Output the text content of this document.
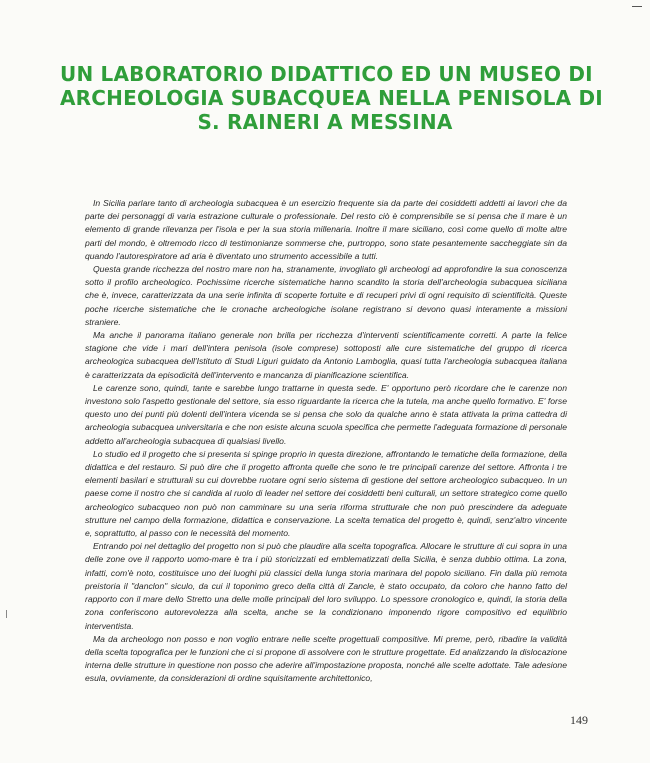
UN LABORATORIO DIDATTICO ED UN MUSEO DI
ARCHEOLOGIA SUBACQUEA NELLA PENISOLA DI
S. RAINERI A MESSINA

In Sicilia parlare tanto di archeologia subacquea è un esercizio frequente sia da parte dei cosiddetti addetti ai lavori che da parte dei personaggi di varia estrazione culturale o professionale. Del resto ciò è comprensibile se si pensa che il mare è un elemento di grande rilevanza per l'isola e per la sua storia millenaria. Inoltre il mare siciliano, così come quello di molte altre parti del mondo, è oltremodo ricco di testimonianze sommerse che, purtroppo, sono state pesantemente saccheggiate sin da quando l'autorespiratore ad aria è diventato uno strumento accessibile a tutti.

Questa grande ricchezza del nostro mare non ha, stranamente, invogliato gli archeologi ad approfondire la sua conoscenza sotto il profilo archeologico. Pochissime ricerche sistematiche hanno scandito la storia dell'archeologia subacquea siciliana che è, invece, caratterizzata da una serie infinita di scoperte fortuite e di recuperi privi di ogni requisito di scientificità. Queste poche ricerche sistematiche che le cronache archeologiche isolane registrano si devono quasi interamente a missioni straniere.

Ma anche il panorama italiano generale non brilla per ricchezza d'interventi scientificamente corretti. A parte la felice stagione che vide i mari dell'intera penisola (isole comprese) sottoposti alle cure sistematiche del gruppo di ricerca archeologica subacquea dell'Istituto di Studi Liguri guidato da Antonio Lamboglia, quasi tutta l'archeologia subacquea italiana è caratterizzata da episodicità dell'intervento e mancanza di pianificazione scientifica.

Le carenze sono, quindi, tante e sarebbe lungo trattarne in questa sede. E' opportuno però ricordare che le carenze non investono solo l'aspetto gestionale del settore, sia esso riguardante la ricerca che la tutela, ma anche quello formativo. E' forse questo uno dei punti più dolenti dell'intera vicenda se si pensa che solo da qualche anno è stata attivata la prima cattedra di archeologia subacquea universitaria e che non esiste alcuna scuola specifica che permette l'adeguata formazione di personale addetto all'archeologia subacquea di qualsiasi livello.

Lo studio ed il progetto che si presenta si spinge proprio in questa direzione, affrontando le tematiche della formazione, della didattica e del restauro. Si può dire che il progetto affronta quelle che sono le tre principali carenze del settore. Affronta i tre elementi basilari e strutturali su cui dovrebbe ruotare ogni serio sistema di gestione del settore archeologico subacqueo. In un paese come il nostro che si candida al ruolo di leader nel settore dei cosiddetti beni culturali, un settore strategico come quello archeologico subacqueo non può non camminare su una seria riforma strutturale che non può prescindere da adeguate strutture nel campo della formazione, didattica e conservazione. La scelta tematica del progetto è, quindi, senz'altro vincente e, soprattutto, al passo con le necessità del momento.

Entrando poi nel dettaglio del progetto non si può che plaudire alla scelta topografica. Allocare le strutture di cui sopra in una delle zone ove il rapporto uomo-mare è tra i più storicizzati ed emblematizzati della Sicilia, è senza dubbio ottima. La zona, infatti, com'è noto, costituisce uno dei luoghi più classici della lunga storia marinara del popolo siciliano. Fin dalla più remota preistoria il "danclon" siculo, da cui il toponimo greco della città di Zancle, è stato occupato, da coloro che hanno fatto del rapporto con il mare dello Stretto una delle molle principali del loro sviluppo. Lo spessore cronologico e, quindi, la storia della zona conferiscono autorevolezza alla scelta, anche se la condizionano imponendo rigore compositivo ed equilibrio interventista.

Ma da archeologo non posso e non voglio entrare nelle scelte progettuali compositive. Mi preme, però, ribadire la validità della scelta topografica per le funzioni che ci si propone di assolvere con le strutture progettate. Ed analizzando la dislocazione interna delle strutture in questione non posso che aderire all'impostazione proposta, nonché alle scelte adottate. Tale adesione esula, ovviamente, da considerazioni di ordine squisitamente architettonico,

149
